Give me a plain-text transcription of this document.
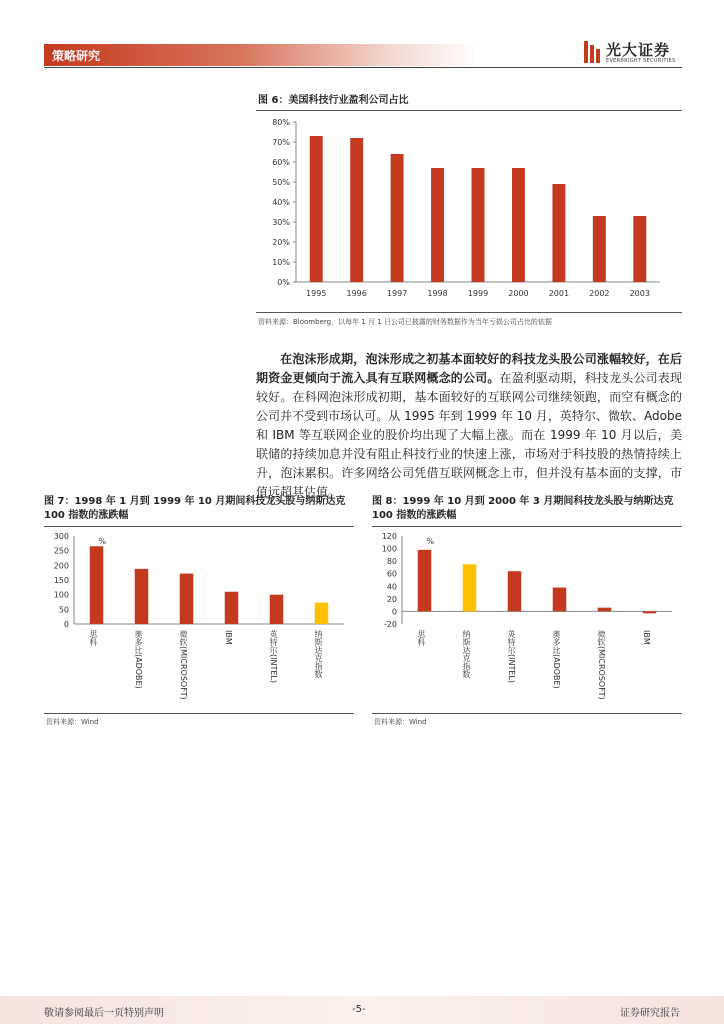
策略研究	光大证券
EVERBRIGHT SECURITIES
图 6：美国科技行业盈利公司占比
0%
10%
20%
30%
40%
50%
60%
70%
80%
1995	1996	1997	1998	1999	2000	2001	2002	2003
资料来源：Bloomberg，以每年 1 月 1 日公司已披露的财务数据作为当年亏损公司占比的依据
在泡沫形成期，泡沫形成之初基本面较好的科技龙头股公司涨幅较好，在后期资金更倾向于流入具有互联网概念的公司。在盈利驱动期，科技龙头公司表现较好。在科网泡沫形成初期，基本面较好的互联网公司继续领跑，而空有概念的公司并不受到市场认可。从 1995 年到 1999 年 10 月，英特尔、微软、Adobe 和 IBM 等互联网企业的股价均出现了大幅上涨。而在 1999 年 10 月以后，美联储的持续加息并没有阻止科技行业的快速上涨，市场对于科技股的热情持续上升，泡沫累积。许多网络公司凭借互联网概念上市，但并没有基本面的支撑，市值远超其估值。
图 7：1998 年 1 月到 1999 年 10 月期间科技龙头股与纳斯达克 100 指数的涨跌幅
0
50
100
150
200
250
300
思科	奥多比(ADOBE)	微软(MICROSOFT)	IBM	英特尔(INTEL)	纳斯达克指数
%
资料来源：Wind
图 8：1999 年 10 月到 2000 年 3 月期间科技龙头股与纳斯达克 100 指数的涨跌幅
-20
0
20
40
60
80
100
120
思科	纳斯达克指数	英特尔(INTEL)	奥多比(ADOBE)	微软(MICROSOFT)	IBM
%
资料来源：Wind
敬请参阅最后一页特别声明	-5-	证券研究报告
